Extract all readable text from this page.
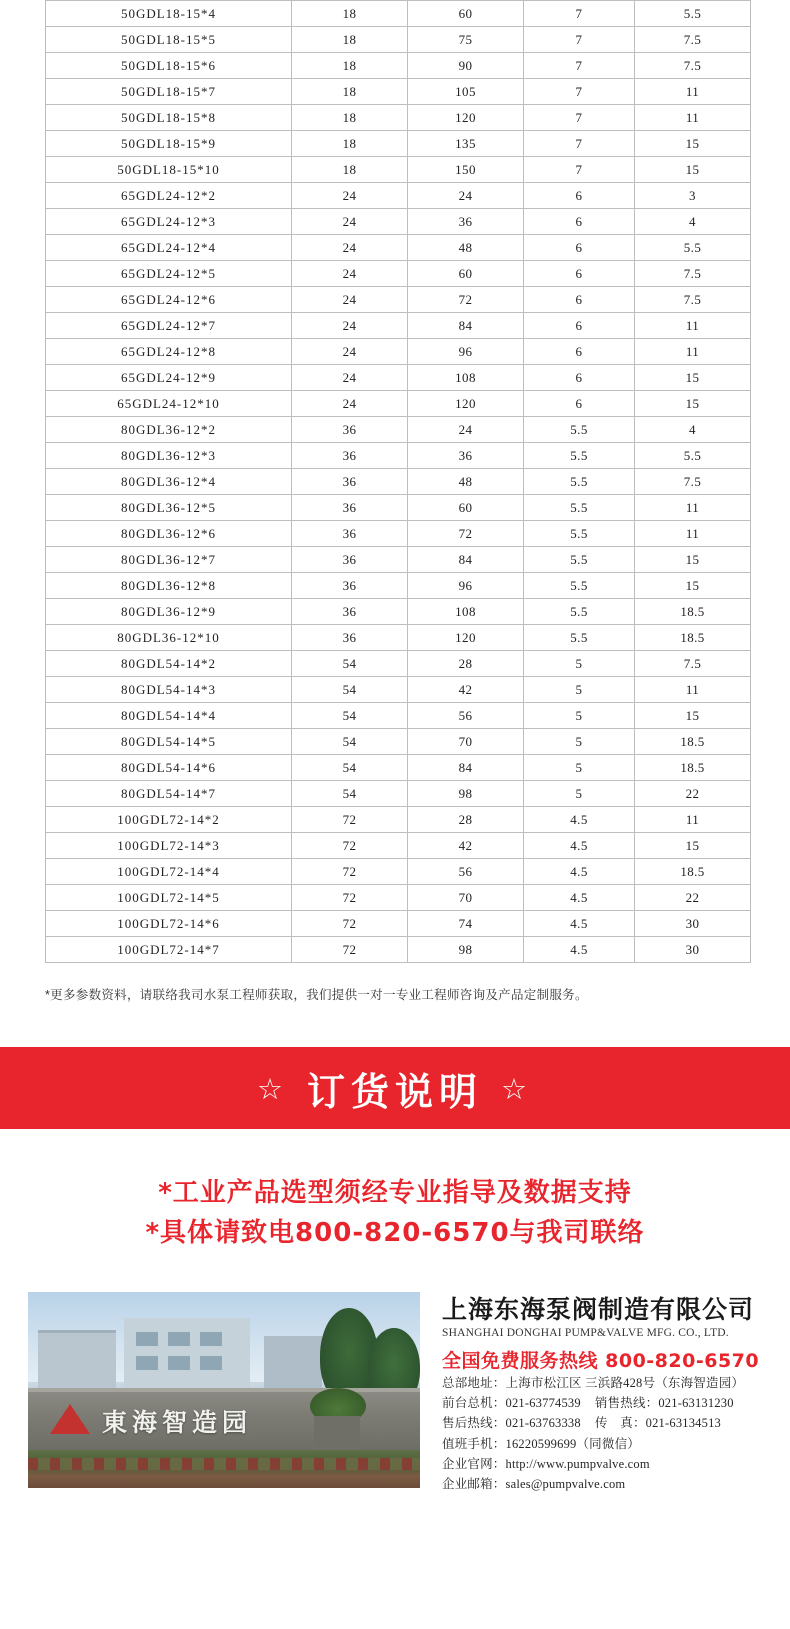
50GDL18-15*4	18	60	7	5.5
50GDL18-15*5	18	75	7	7.5
50GDL18-15*6	18	90	7	7.5
50GDL18-15*7	18	105	7	11
50GDL18-15*8	18	120	7	11
50GDL18-15*9	18	135	7	15
50GDL18-15*10	18	150	7	15
65GDL24-12*2	24	24	6	3
65GDL24-12*3	24	36	6	4
65GDL24-12*4	24	48	6	5.5
65GDL24-12*5	24	60	6	7.5
65GDL24-12*6	24	72	6	7.5
65GDL24-12*7	24	84	6	11
65GDL24-12*8	24	96	6	11
65GDL24-12*9	24	108	6	15
65GDL24-12*10	24	120	6	15
80GDL36-12*2	36	24	5.5	4
80GDL36-12*3	36	36	5.5	5.5
80GDL36-12*4	36	48	5.5	7.5
80GDL36-12*5	36	60	5.5	11
80GDL36-12*6	36	72	5.5	11
80GDL36-12*7	36	84	5.5	15
80GDL36-12*8	36	96	5.5	15
80GDL36-12*9	36	108	5.5	18.5
80GDL36-12*10	36	120	5.5	18.5
80GDL54-14*2	54	28	5	7.5
80GDL54-14*3	54	42	5	11
80GDL54-14*4	54	56	5	15
80GDL54-14*5	54	70	5	18.5
80GDL54-14*6	54	84	5	18.5
80GDL54-14*7	54	98	5	22
100GDL72-14*2	72	28	4.5	11
100GDL72-14*3	72	42	4.5	15
100GDL72-14*4	72	56	4.5	18.5
100GDL72-14*5	72	70	4.5	22
100GDL72-14*6	72	74	4.5	30
100GDL72-14*7	72	98	4.5	30
*更多参数资料，请联络我司水泵工程师获取，我们提供一对一专业工程师咨询及产品定制服务。
☆ 订货说明 ☆
*工业产品选型须经专业指导及数据支持
*具体请致电800-820-6570与我司联络
東海智造园
上海东海泵阀制造有限公司
SHANGHAI DONGHAI PUMP&VALVE MFG. CO., LTD.
全国免费服务热线 800-820-6570
总部地址：上海市松江区 三浜路428号（东海智造园）
前台总机：021-63774539 销售热线：021-63131230
售后热线：021-63763338 传　真：021-63134513
值班手机：16220599699（同微信）
企业官网：http://www.pumpvalve.com
企业邮箱：sales@pumpvalve.com
